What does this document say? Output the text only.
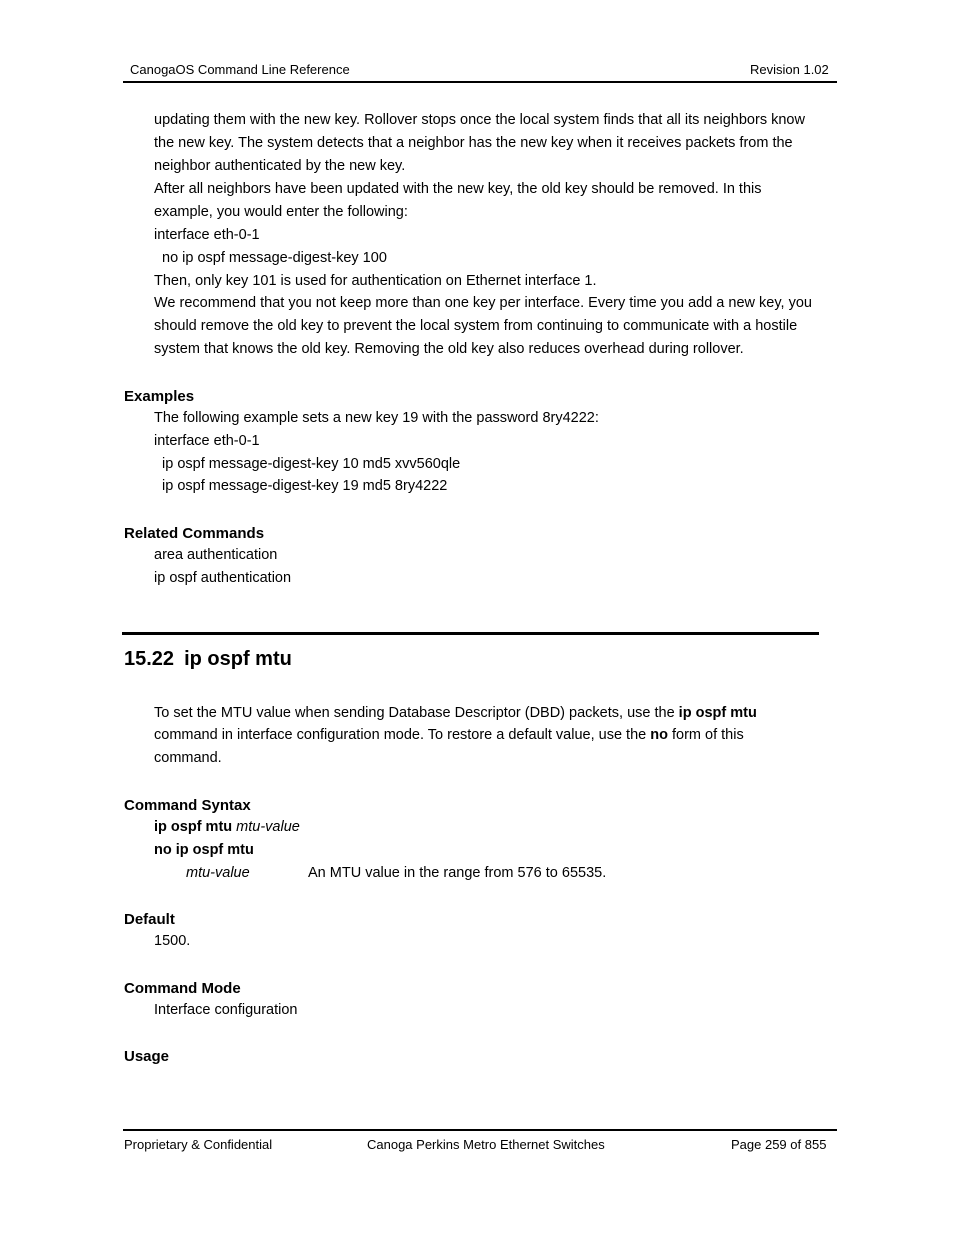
CanogaOS Command Line Reference	Revision 1.02
updating them with the new key. Rollover stops once the local system finds that all its neighbors know
the new key. The system detects that a neighbor has the new key when it receives packets from the
neighbor authenticated by the new key.
After all neighbors have been updated with the new key, the old key should be removed. In this
example, you would enter the following:
interface eth-0-1
no ip ospf message-digest-key 100
Then, only key 101 is used for authentication on Ethernet interface 1.
We recommend that you not keep more than one key per interface. Every time you add a new key, you
should remove the old key to prevent the local system from continuing to communicate with a hostile
system that knows the old key. Removing the old key also reduces overhead during rollover.
Examples
The following example sets a new key 19 with the password 8ry4222:
interface eth-0-1
ip ospf message-digest-key 10 md5 xvv560qle
ip ospf message-digest-key 19 md5 8ry4222
Related Commands
area authentication
ip ospf authentication
15.22 ip ospf mtu
To set the MTU value when sending Database Descriptor (DBD) packets, use the ip ospf mtu
command in interface configuration mode. To restore a default value, use the no form of this
command.
Command Syntax
ip ospf mtu mtu-value
no ip ospf mtu
mtu-value	An MTU value in the range from 576 to 65535.
Default
1500.
Command Mode
Interface configuration
Usage
Proprietary & Confidential	Canoga Perkins Metro Ethernet Switches	Page 259 of 855
